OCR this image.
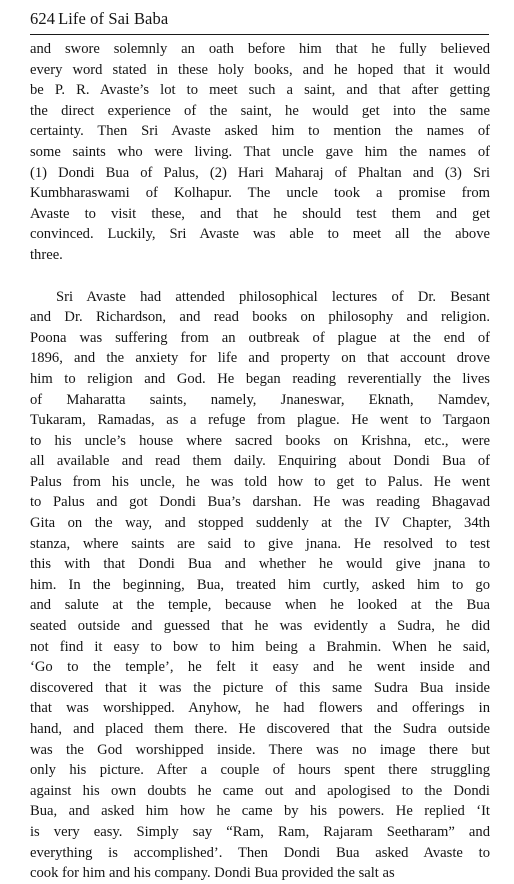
624 Life of Sai Baba

and swore solemnly an oath before him that he fully believed
every word stated in these holy books, and he hoped that it would
be P. R. Avaste’s lot to meet such a saint, and that after getting
the direct experience of the saint, he would get into the same
certainty. Then Sri Avaste asked him to mention the names of
some saints who were living. That uncle gave him the names of
(1) Dondi Bua of Palus, (2) Hari Maharaj of Phaltan and (3) Sri
Kumbharaswami of Kolhapur. The uncle took a promise from
Avaste to visit these, and that he should test them and get
convinced. Luckily, Sri Avaste was able to meet all the above
three.

Sri Avaste had attended philosophical lectures of Dr. Besant
and Dr. Richardson, and read books on philosophy and religion.
Poona was suffering from an outbreak of plague at the end of
1896, and the anxiety for life and property on that account drove
him to religion and God. He began reading reverentially the lives
of Maharatta saints, namely, Jnaneswar, Eknath, Namdev,
Tukaram, Ramadas, as a refuge from plague. He went to Targaon
to his uncle’s house where sacred books on Krishna, etc., were
all available and read them daily. Enquiring about Dondi Bua of
Palus from his uncle, he was told how to get to Palus. He went
to Palus and got Dondi Bua’s darshan. He was reading Bhagavad
Gita on the way, and stopped suddenly at the IV Chapter, 34th
stanza, where saints are said to give jnana. He resolved to test
this with that Dondi Bua and whether he would give jnana to
him. In the beginning, Bua, treated him curtly, asked him to go
and salute at the temple, because when he looked at the Bua
seated outside and guessed that he was evidently a Sudra, he did
not find it easy to bow to him being a Brahmin. When he said,
‘Go to the temple’, he felt it easy and he went inside and
discovered that it was the picture of this same Sudra Bua inside
that was worshipped. Anyhow, he had flowers and offerings in
hand, and placed them there. He discovered that the Sudra outside
was the God worshipped inside. There was no image there but
only his picture. After a couple of hours spent there struggling
against his own doubts he came out and apologised to the Dondi
Bua, and asked him how he came by his powers. He replied ‘It
is very easy. Simply say “Ram, Ram, Rajaram Seetharam” and
everything is accomplished’. Then Dondi Bua asked Avaste to
cook for him and his company. Dondi Bua provided the salt as
